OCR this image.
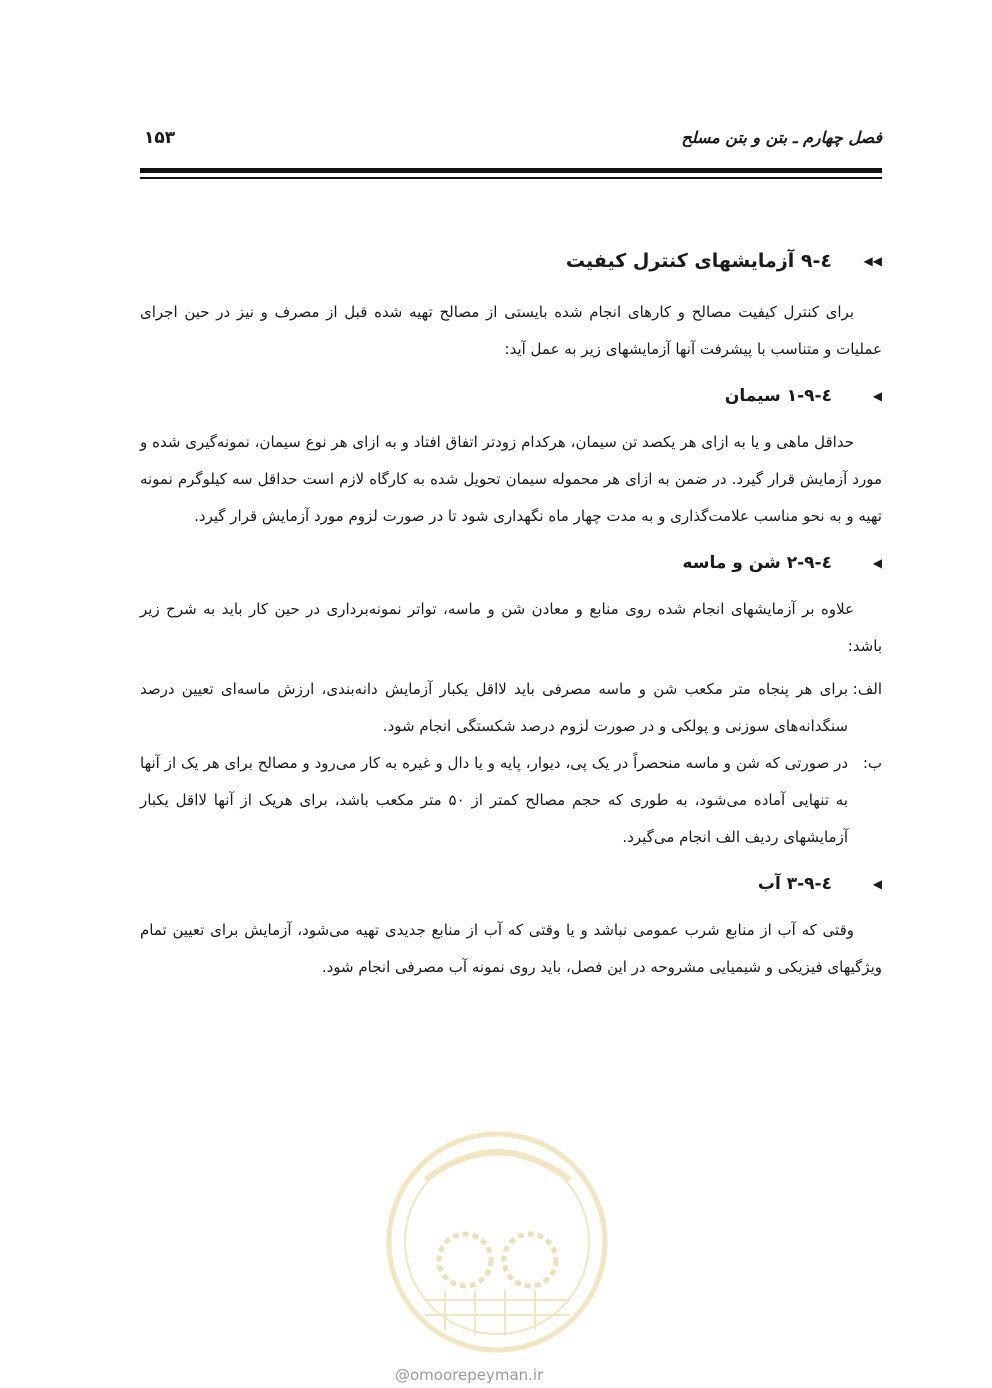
فصل چهارم ـ بتن و بتن مسلح
۱۵۳
◀◀
٤-٩ آزمایشهای کنترل کیفیت

برای کنترل کیفیت مصالح و کارهای انجام شده بایستی از مصالح تهیه شده قبل از مصرف و نیز در حین اجرای عملیات و متناسب با پیشرفت آنها آزمایشهای زیر به عمل آید:

◀
٤-٩-١ سیمان

حداقل ماهی و یا به ازای هر یکصد تن سیمان، هرکدام زودتر اتفاق افتاد و به ازای هر نوع سیمان، نمونه‌گیری شده و مورد آزمایش قرار گیرد. در ضمن به ازای هر محموله سیمان تحویل شده به کارگاه لازم است حداقل سه کیلوگرم نمونه تهیه و به نحو مناسب علامت‌گذاری و به مدت چهار ماه نگهداری شود تا در صورت لزوم مورد آزمایش قرار گیرد.

◀
٤-٩-٢ شن و ماسه

علاوه بر آزمایشهای انجام شده روی منابع و معادن شن و ماسه، تواتر نمونه‌برداری در حین کار باید به شرح زیر باشد:

الف:
برای هر پنجاه متر مکعب شن و ماسه مصرفی باید لااقل یکبار آزمایش دانه‌بندی، ارزش ماسه‌ای تعیین درصد سنگدانه‌های سوزنی و پولکی و در صورت لزوم درصد شکستگی انجام شود.
ب:
در صورتی که شن و ماسه منحصراً در یک پی، دیوار، پایه و یا دال و غیره به کار می‌رود و مصالح برای هر یک از آنها به تنهایی آماده می‌شود، به طوری که حجم مصالح کمتر از ۵۰ متر مکعب باشد، برای هریک از آنها لااقل یکبار آزمایشهای ردیف الف انجام می‌گیرد.
◀
٤-٩-٣ آب

وقتی که آب از منابع شرب عمومی نباشد و یا وقتی که آب از منابع جدیدی تهیه می‌شود، آزمایش برای تعیین تمام ویژگیهای فیزیکی و شیمیایی مشروحه در این فصل، باید روی نمونه آب مصرفی انجام شود.

@omoorepeyman.ir
